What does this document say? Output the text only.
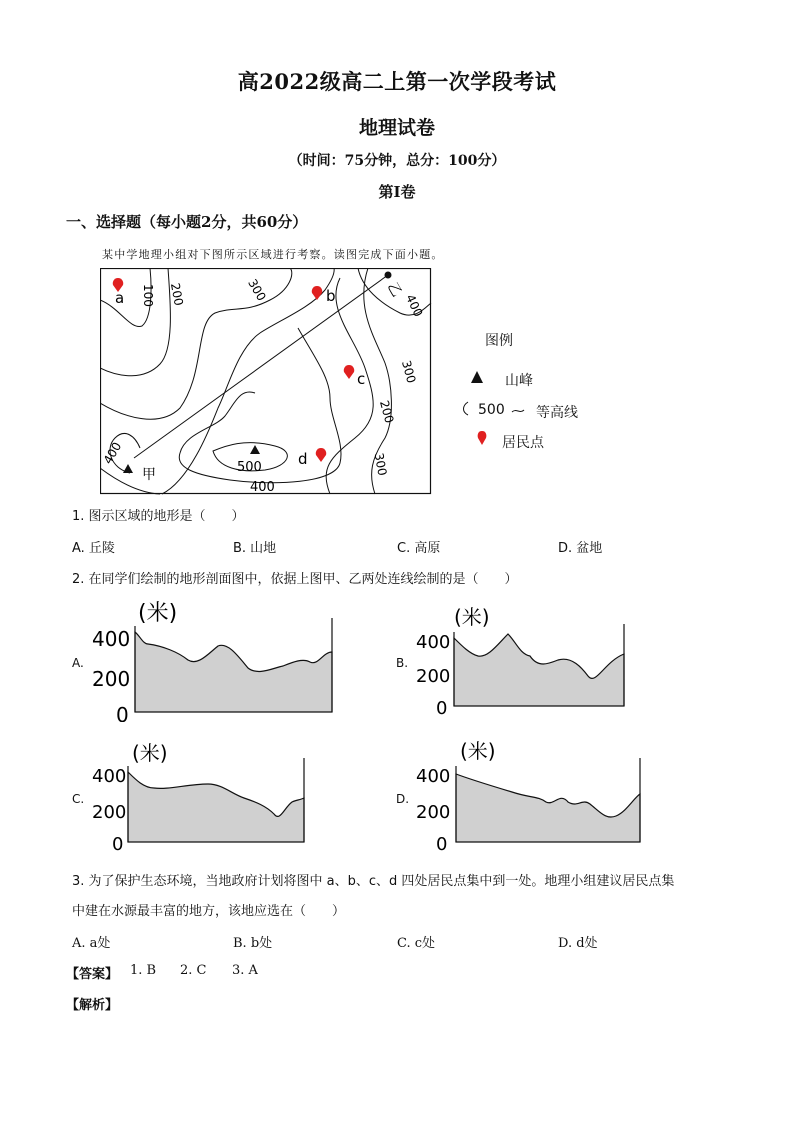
高2022级高二上第一次学段考试
地理试卷
（时间：75分钟，总分：100分）
第Ⅰ卷
一、选择题（每小题2分，共60分）
某中学地理小组对下图所示区域进行考察。读图完成下面小题。
a	b
c
d
甲
乙
100 200	300
400
300
200
300
400
400
500
图例
山峰
500 等高线
居民点
1. 图示区域的地形是（　　）
A. 丘陵	B. 山地	C. 高原	D. 盆地
2. 在同学们绘制的地形剖面图中，依据上图甲、乙两处连线绘制的是（　　）
A.
(米)
400
200
0
B.
(米)
400
200
0
C.
(米)
400
200
0
D.
(米)
400
200
0
3. 为了保护生态环境，当地政府计划将图中 a、b、c、d 四处居民点集中到一处。地理小组建议居民点集
中建在水源最丰富的地方，该地应选在（　　）
A. a处	B. b处	C. c处	D. d处
【答案】 1. B 2. C 3. A
【解析】
